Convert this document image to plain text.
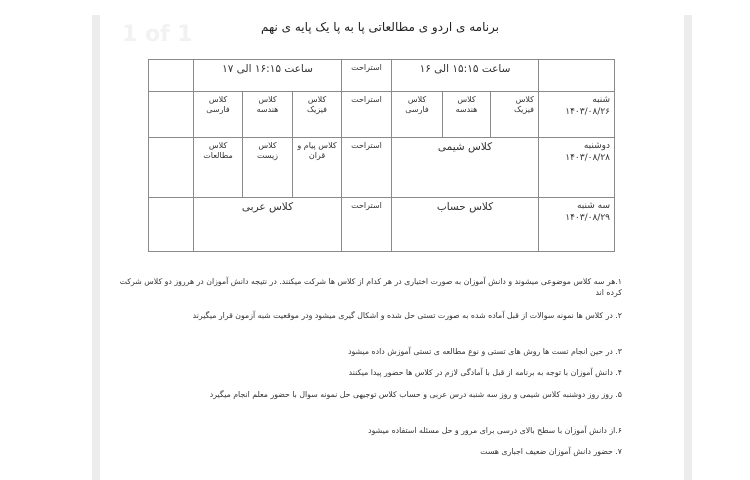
1 of 1	برنامه ی اردو ی مطالعاتی پا به پا یک پایه ی نهم
ساعت ۱۵:۱۵ الی ۱۶
استراحت
ساعت ۱۶:۱۵ الی ۱۷
شنبه
۱۴۰۳/۰۸/۲۶
کلاس فیزیک
کلاس هندسه
کلاس فارسی
استراحت
کلاس فیزیک
کلاس هندسه
کلاس فارسی
دوشنبه
۱۴۰۳/۰۸/۲۸
کلاس شیمی
استراحت
کلاس پیام و قران
کلاس زیست
کلاس مطالعات
سه شنبه
۱۴۰۳/۰۸/۲۹
کلاس حساب
استراحت
کلاس عربی
۱.هر سه کلاس موضوعی میشوند و دانش آموزان به صورت اختیاری در هر کدام از کلاس ها شرکت میکنند. در نتیجه دانش آموزان در هرروز دو کلاس شرکت کرده اند
۲. در کلاس ها نمونه سوالات از قبل آماده شده به صورت تستی حل شده و اشکال گیری میشود ودر موقعیت شبه آزمون قرار میگیرند
۳. در حین انجام تست ها روش های تستی و نوع مطالعه ی تستی آموزش داده میشود
۴. دانش آموزان با توجه به برنامه از قبل با آمادگی لازم در کلاس ها حضور پیدا میکنند
۵. روز روز دوشنبه کلاس شیمی و روز سه شنبه درس عربی و حساب کلاس توجیهی حل نمونه سوال با حضور معلم انجام میگیرد
۶.از دانش آموزان با سطح بالای درسی برای مرور و حل مسئله استفاده میشود
۷. حضور دانش آموزان ضعیف اجباری هست
